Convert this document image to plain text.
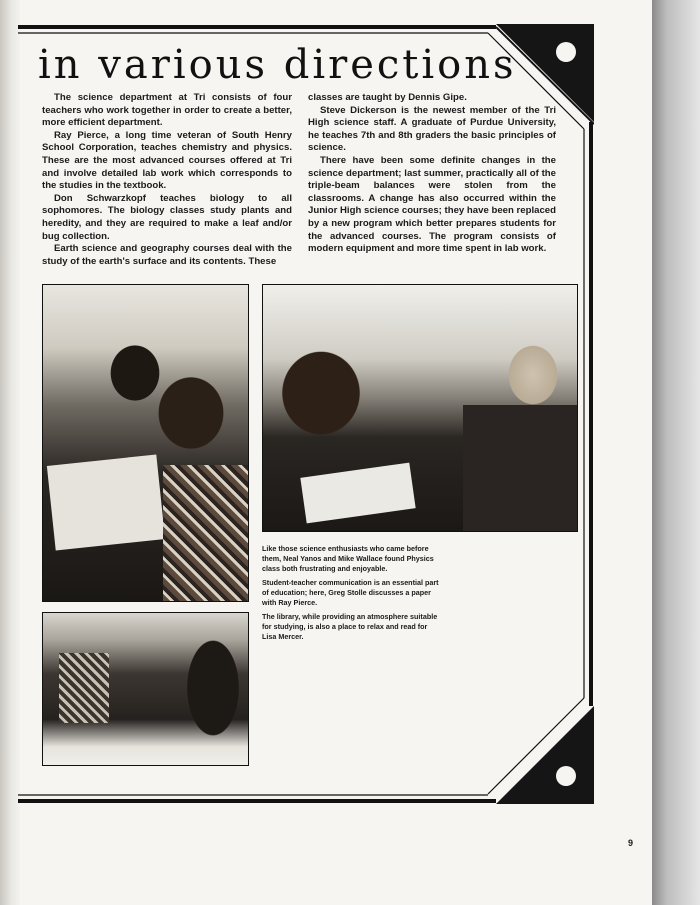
in various directions

The science department at Tri consists of four teachers who work together in order to create a better, more efficient department.

Ray Pierce, a long time veteran of South Henry School Corporation, teaches chemistry and physics. These are the most advanced courses offered at Tri and involve detailed lab work which corresponds to the studies in the textbook.

Don Schwarzkopf teaches biology to all sophomores. The biology classes study plants and heredity, and they are required to make a leaf and/or bug collection.

Earth science and geography courses deal with the study of the earth's surface and its contents. These

classes are taught by Dennis Gipe.

Steve Dickerson is the newest member of the Tri High science staff. A graduate of Purdue University, he teaches 7th and 8th graders the basic principles of science.

There have been some definite changes in the science department; last summer, practically all of the triple-beam balances were stolen from the classrooms. A change has also occurred within the Junior High science courses; they have been replaced by a new program which better prepares students for the advanced courses. The program consists of modern equipment and more time spent in lab work.

Like those science enthusiasts who came before them, Neal Yanos and Mike Wallace found Physics class both frustrating and enjoyable.

Student-teacher communication is an essential part of education; here, Greg Stolle discusses a paper with Ray Pierce.

The library, while providing an atmosphere suitable for studying, is also a place to relax and read for Lisa Mercer.

9
